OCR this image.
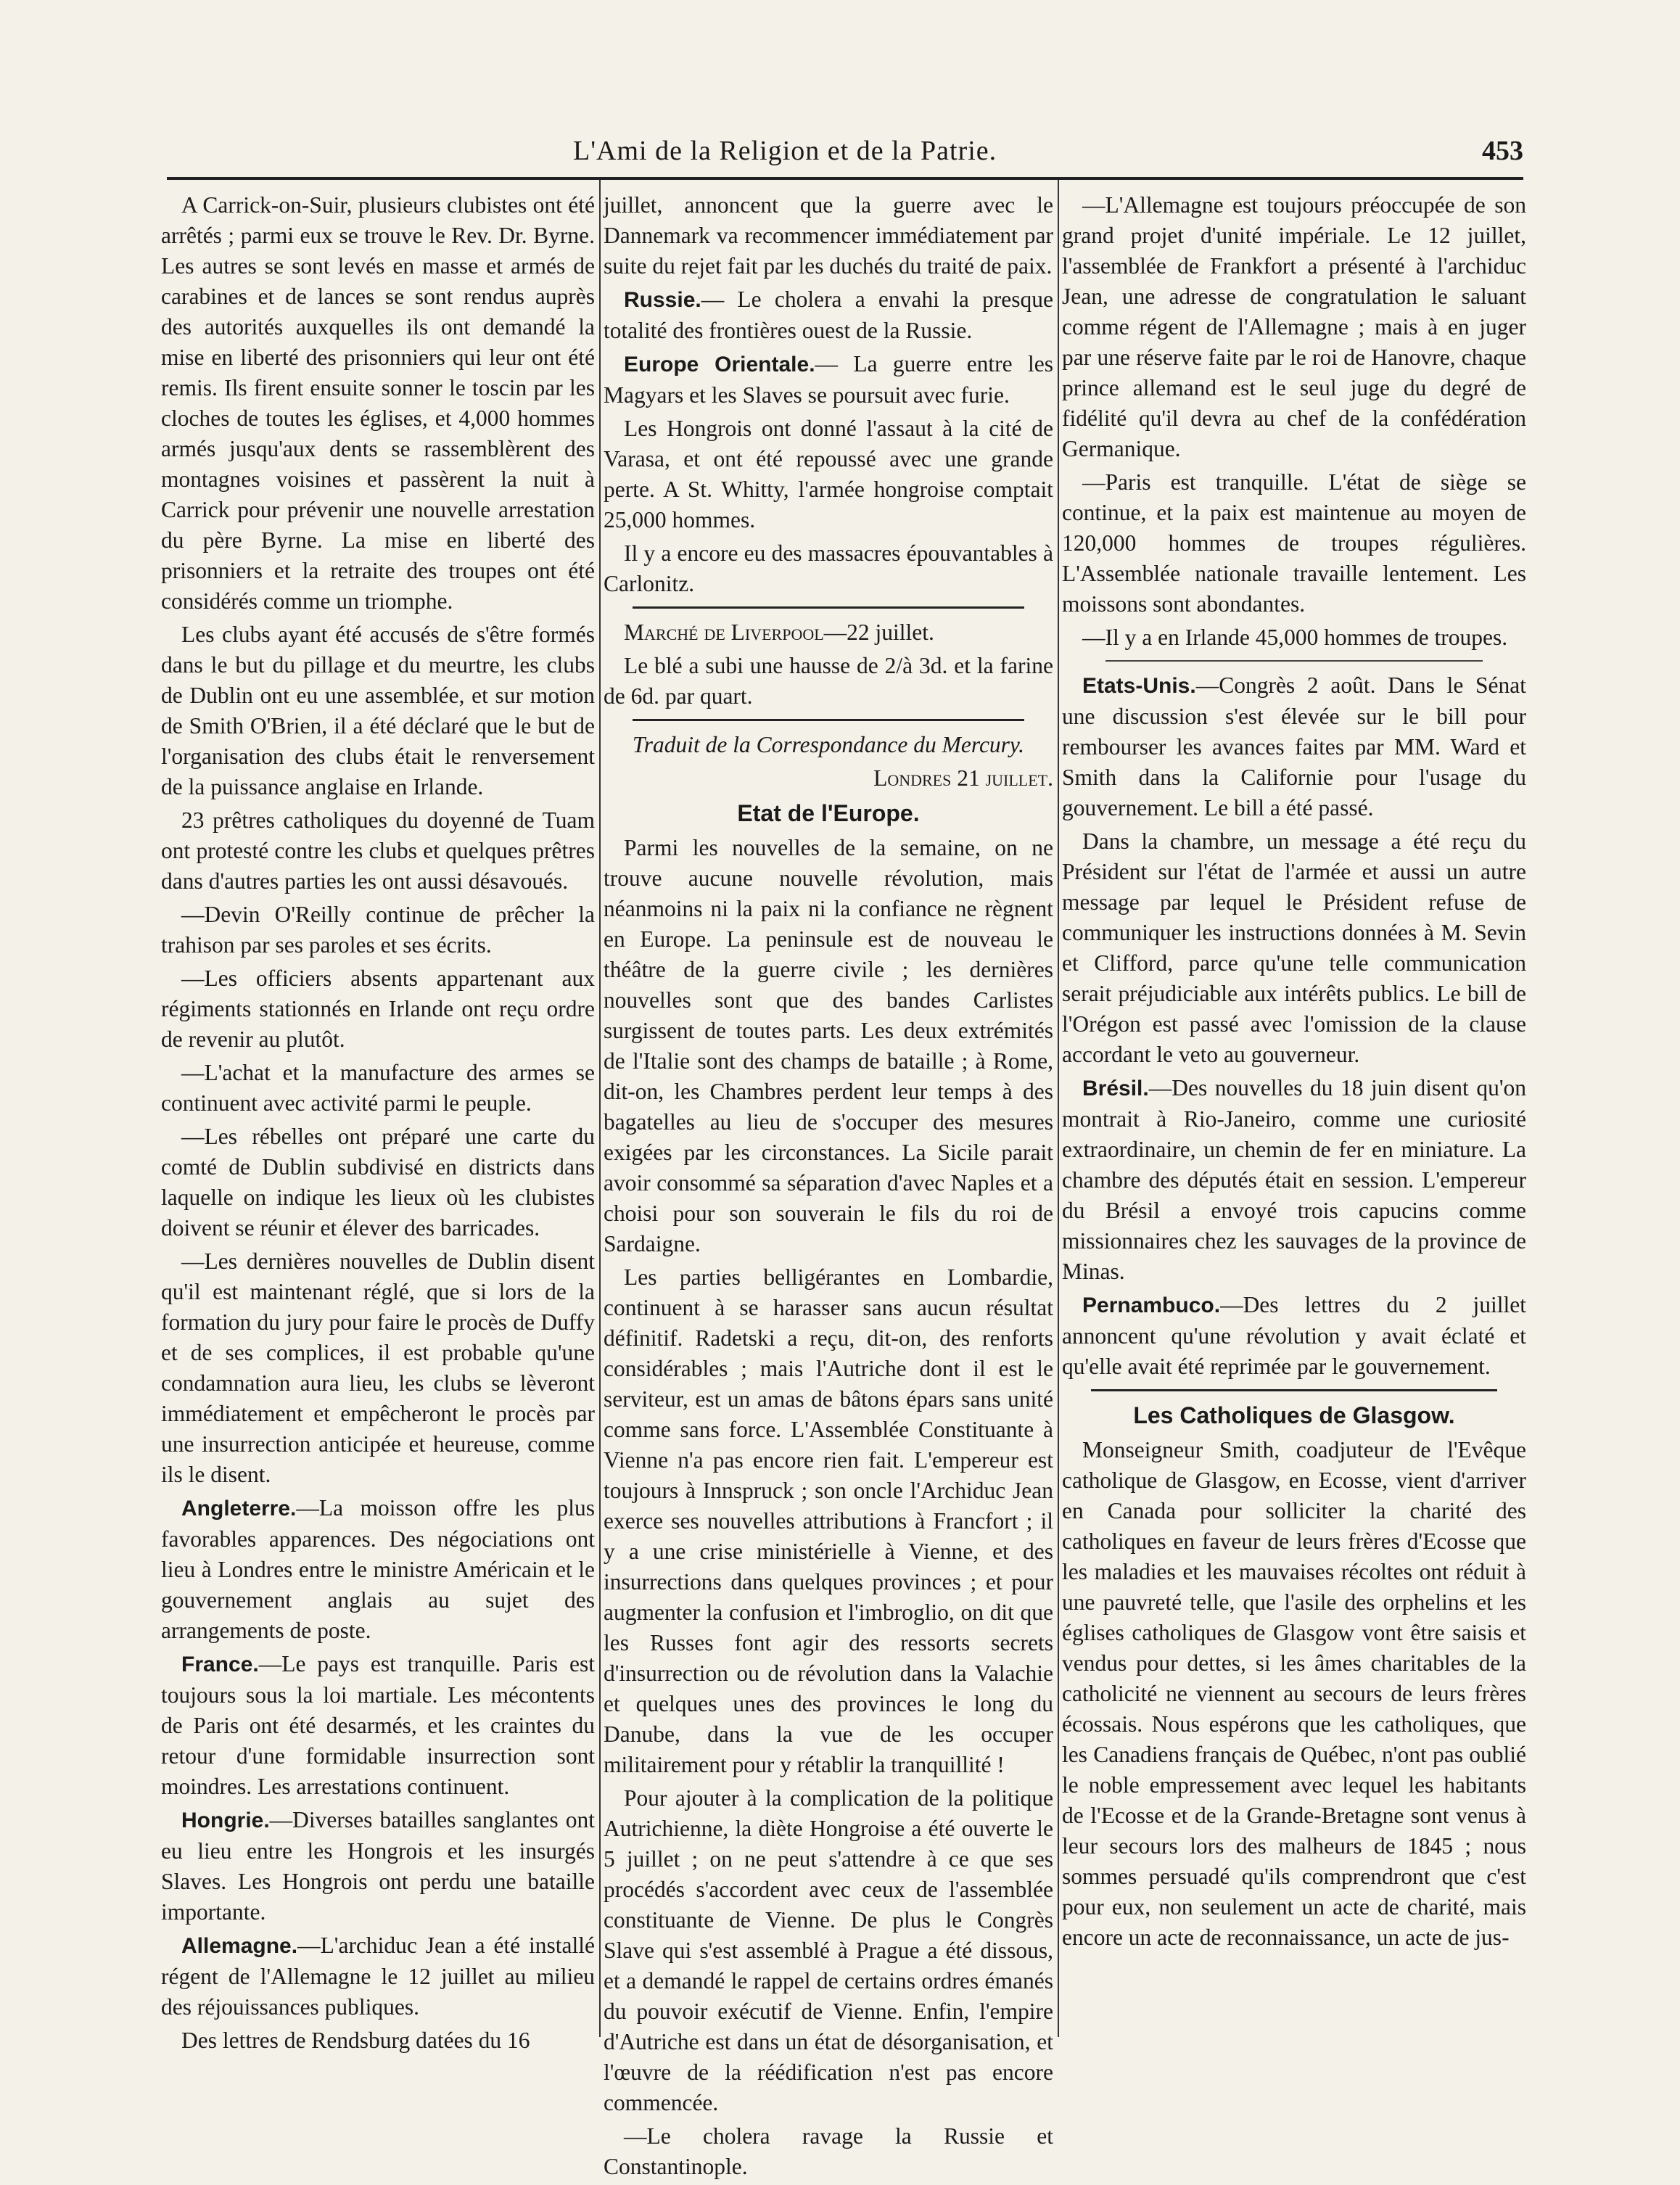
L'Ami de la Religion et de la Patrie.	453

A Carrick-on-Suir, plusieurs clubistes ont été arrêtés ; parmi eux se trouve le Rev. Dr. Byrne. Les autres se sont levés en masse et armés de carabines et de lances se sont rendus auprès des autorités auxquelles ils ont demandé la mise en liberté des prisonniers qui leur ont été remis. Ils firent ensuite sonner le toscin par les cloches de toutes les églises, et 4,000 hommes armés jusqu'aux dents se rassemblèrent des montagnes voisines et passèrent la nuit à Carrick pour prévenir une nouvelle arrestation du père Byrne. La mise en liberté des prisonniers et la retraite des troupes ont été considérés comme un triomphe.

Les clubs ayant été accusés de s'être formés dans le but du pillage et du meurtre, les clubs de Dublin ont eu une assemblée, et sur motion de Smith O'Brien, il a été déclaré que le but de l'organisation des clubs était le renversement de la puissance anglaise en Irlande.

23 prêtres catholiques du doyenné de Tuam ont protesté contre les clubs et quelques prêtres dans d'autres parties les ont aussi désavoués.

—Devin O'Reilly continue de prêcher la trahison par ses paroles et ses écrits.

—Les officiers absents appartenant aux régiments stationnés en Irlande ont reçu ordre de revenir au plutôt.

—L'achat et la manufacture des armes se continuent avec activité parmi le peuple.

—Les rébelles ont préparé une carte du comté de Dublin subdivisé en districts dans laquelle on indique les lieux où les clubistes doivent se réunir et élever des barricades.

—Les dernières nouvelles de Dublin disent qu'il est maintenant réglé, que si lors de la formation du jury pour faire le procès de Duffy et de ses complices, il est probable qu'une condamnation aura lieu, les clubs se lèveront immédiatement et empêcheront le procès par une insurrection anticipée et heureuse, comme ils le disent.

Angleterre.—La moisson offre les plus favorables apparences. Des négociations ont lieu à Londres entre le ministre Américain et le gouvernement anglais au sujet des arrangements de poste.

France.—Le pays est tranquille. Paris est toujours sous la loi martiale. Les mécontents de Paris ont été desarmés, et les craintes du retour d'une formidable insurrection sont moindres. Les arrestations continuent.

Hongrie.—Diverses batailles sanglantes ont eu lieu entre les Hongrois et les insurgés Slaves. Les Hongrois ont perdu une bataille importante.

Allemagne.—L'archiduc Jean a été installé régent de l'Allemagne le 12 juillet au milieu des réjouissances publiques.

Des lettres de Rendsburg datées du 16

juillet, annoncent que la guerre avec le Dannemark va recommencer immédiatement par suite du rejet fait par les duchés du traité de paix.

Russie.— Le cholera a envahi la presque totalité des frontières ouest de la Russie.

Europe Orientale.— La guerre entre les Magyars et les Slaves se poursuit avec furie.

Les Hongrois ont donné l'assaut à la cité de Varasa, et ont été repoussé avec une grande perte. A St. Whitty, l'armée hongroise comptait 25,000 hommes.

Il y a encore eu des massacres épouvantables à Carlonitz.

Marché de Liverpool—22 juillet.

Le blé a subi une hausse de 2/à 3d. et la farine de 6d. par quart.

Traduit de la Correspondance du Mercury.

Londres 21 juillet.

Etat de l'Europe.

Parmi les nouvelles de la semaine, on ne trouve aucune nouvelle révolution, mais néanmoins ni la paix ni la confiance ne règnent en Europe. La peninsule est de nouveau le théâtre de la guerre civile ; les dernières nouvelles sont que des bandes Carlistes surgissent de toutes parts. Les deux extrémités de l'Italie sont des champs de bataille ; à Rome, dit-on, les Chambres perdent leur temps à des bagatelles au lieu de s'occuper des mesures exigées par les circonstances. La Sicile parait avoir consommé sa séparation d'avec Naples et a choisi pour son souverain le fils du roi de Sardaigne.

Les parties belligérantes en Lombardie, continuent à se harasser sans aucun résultat définitif. Radetski a reçu, dit-on, des renforts considérables ; mais l'Autriche dont il est le serviteur, est un amas de bâtons épars sans unité comme sans force. L'Assemblée Constituante à Vienne n'a pas encore rien fait. L'empereur est toujours à Innspruck ; son oncle l'Archiduc Jean exerce ses nouvelles attributions à Francfort ; il y a une crise ministérielle à Vienne, et des insurrections dans quelques provinces ; et pour augmenter la confusion et l'imbroglio, on dit que les Russes font agir des ressorts secrets d'insurrection ou de révolution dans la Valachie et quelques unes des provinces le long du Danube, dans la vue de les occuper militairement pour y rétablir la tranquillité !

Pour ajouter à la complication de la politique Autrichienne, la diète Hongroise a été ouverte le 5 juillet ; on ne peut s'attendre à ce que ses procédés s'accordent avec ceux de l'assemblée constituante de Vienne. De plus le Congrès Slave qui s'est assemblé à Prague a été dissous, et a demandé le rappel de certains ordres émanés du pouvoir exécutif de Vienne. Enfin, l'empire d'Autriche est dans un état de désorganisation, et l'œuvre de la réédification n'est pas encore commencée.

—Le cholera ravage la Russie et Constantinople.

—L'Allemagne est toujours préoccupée de son grand projet d'unité impériale. Le 12 juillet, l'assemblée de Frankfort a présenté à l'archiduc Jean, une adresse de congratulation le saluant comme régent de l'Allemagne ; mais à en juger par une réserve faite par le roi de Hanovre, chaque prince allemand est le seul juge du degré de fidélité qu'il devra au chef de la confédération Germanique.

—Paris est tranquille. L'état de siège se continue, et la paix est maintenue au moyen de 120,000 hommes de troupes régulières. L'Assemblée nationale travaille lentement. Les moissons sont abondantes.

—Il y a en Irlande 45,000 hommes de troupes.

Etats-Unis.—Congrès 2 août. Dans le Sénat une discussion s'est élevée sur le bill pour rembourser les avances faites par MM. Ward et Smith dans la Californie pour l'usage du gouvernement. Le bill a été passé.

Dans la chambre, un message a été reçu du Président sur l'état de l'armée et aussi un autre message par lequel le Président refuse de communiquer les instructions données à M. Sevin et Clifford, parce qu'une telle communication serait préjudiciable aux intérêts publics. Le bill de l'Orégon est passé avec l'omission de la clause accordant le veto au gouverneur.

Brésil.—Des nouvelles du 18 juin disent qu'on montrait à Rio-Janeiro, comme une curiosité extraordinaire, un chemin de fer en miniature. La chambre des députés était en session. L'empereur du Brésil a envoyé trois capucins comme missionnaires chez les sauvages de la province de Minas.

Pernambuco.—Des lettres du 2 juillet annoncent qu'une révolution y avait éclaté et qu'elle avait été reprimée par le gouvernement.

Les Catholiques de Glasgow.

Monseigneur Smith, coadjuteur de l'Evêque catholique de Glasgow, en Ecosse, vient d'arriver en Canada pour solliciter la charité des catholiques en faveur de leurs frères d'Ecosse que les maladies et les mauvaises récoltes ont réduit à une pauvreté telle, que l'asile des orphelins et les églises catholiques de Glasgow vont être saisis et vendus pour dettes, si les âmes charitables de la catholicité ne viennent au secours de leurs frères écossais. Nous espérons que les catholiques, que les Canadiens français de Québec, n'ont pas oublié le noble empressement avec lequel les habitants de l'Ecosse et de la Grande-Bretagne sont venus à leur secours lors des malheurs de 1845 ; nous sommes persuadé qu'ils comprendront que c'est pour eux, non seulement un acte de charité, mais encore un acte de reconnaissance, un acte de jus-
